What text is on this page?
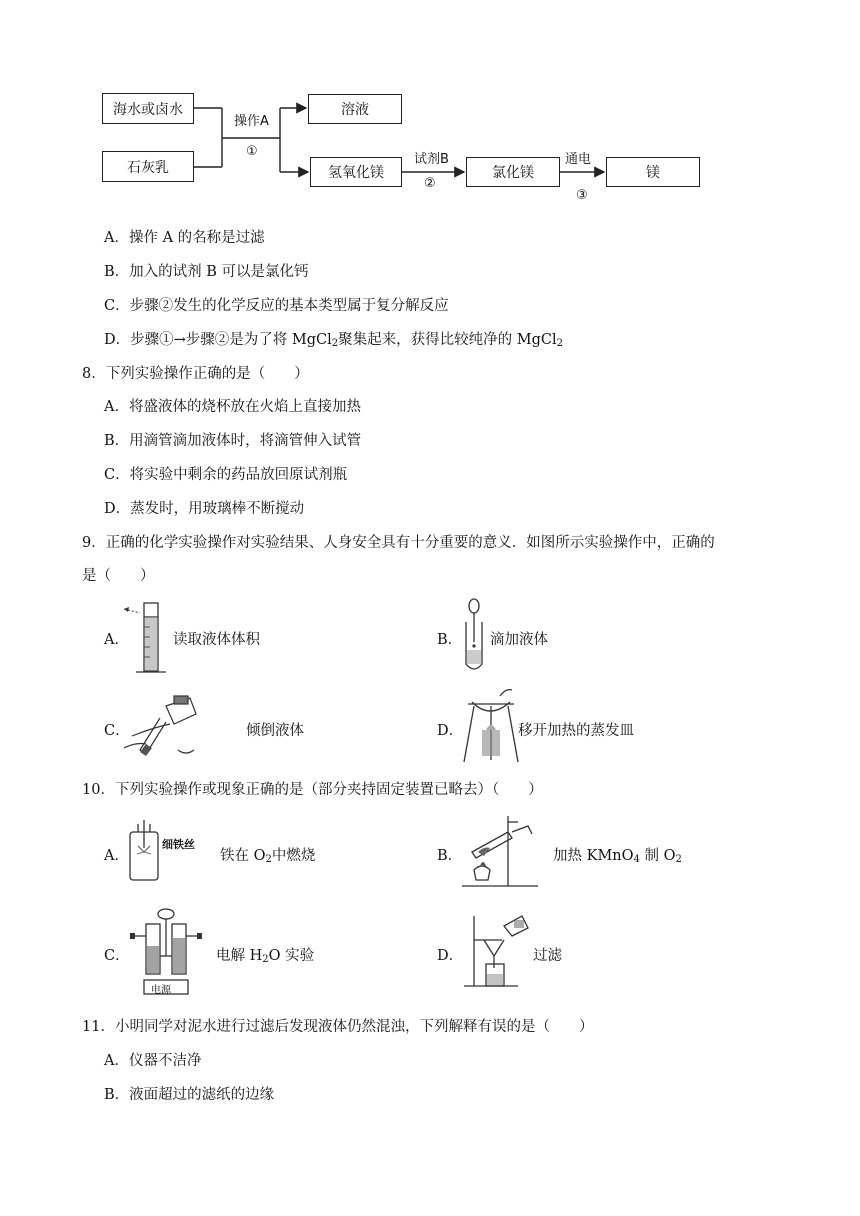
海水或卤水
石灰乳
溶液
氢氧化镁	氯化镁	镁
操作A
①
试剂B
②
通电
③
A．操作 A 的名称是过滤
B．加入的试剂 B 可以是氯化钙
C．步骤②发生的化学反应的基本类型属于复分解反应
D．步骤①→步骤②是为了将 MgCl$_2$聚集起来，获得比较纯净的 MgCl$_2$
8．下列实验操作正确的是（　　）
A．将盛液体的烧杯放在火焰上直接加热
B．用滴管滴加液体时，将滴管伸入试管
C．将实验中剩余的药品放回原试剂瓶
D．蒸发时，用玻璃棒不断搅动
9．正确的化学实验操作对实验结果、人身安全具有十分重要的意义．如图所示实验操作中，正确的
是（　　）
A．	读取液体体积	B． 滴加液体
C．	倾倒液体	D．	移开加热的蒸发皿
10．下列实验操作或现象正确的是（部分夹持固定装置已略去）（　　）
A．
细铁丝
铁在 $O_2$中燃烧	B．	加热 KMnO$_4$ 制 $O_2$
C．
电源
电解 $H_2O$ 实验	D．	过滤
11．小明同学对泥水进行过滤后发现液体仍然混浊，下列解释有误的是（　　）
A．仪器不洁净
B．液面超过的滤纸的边缘
